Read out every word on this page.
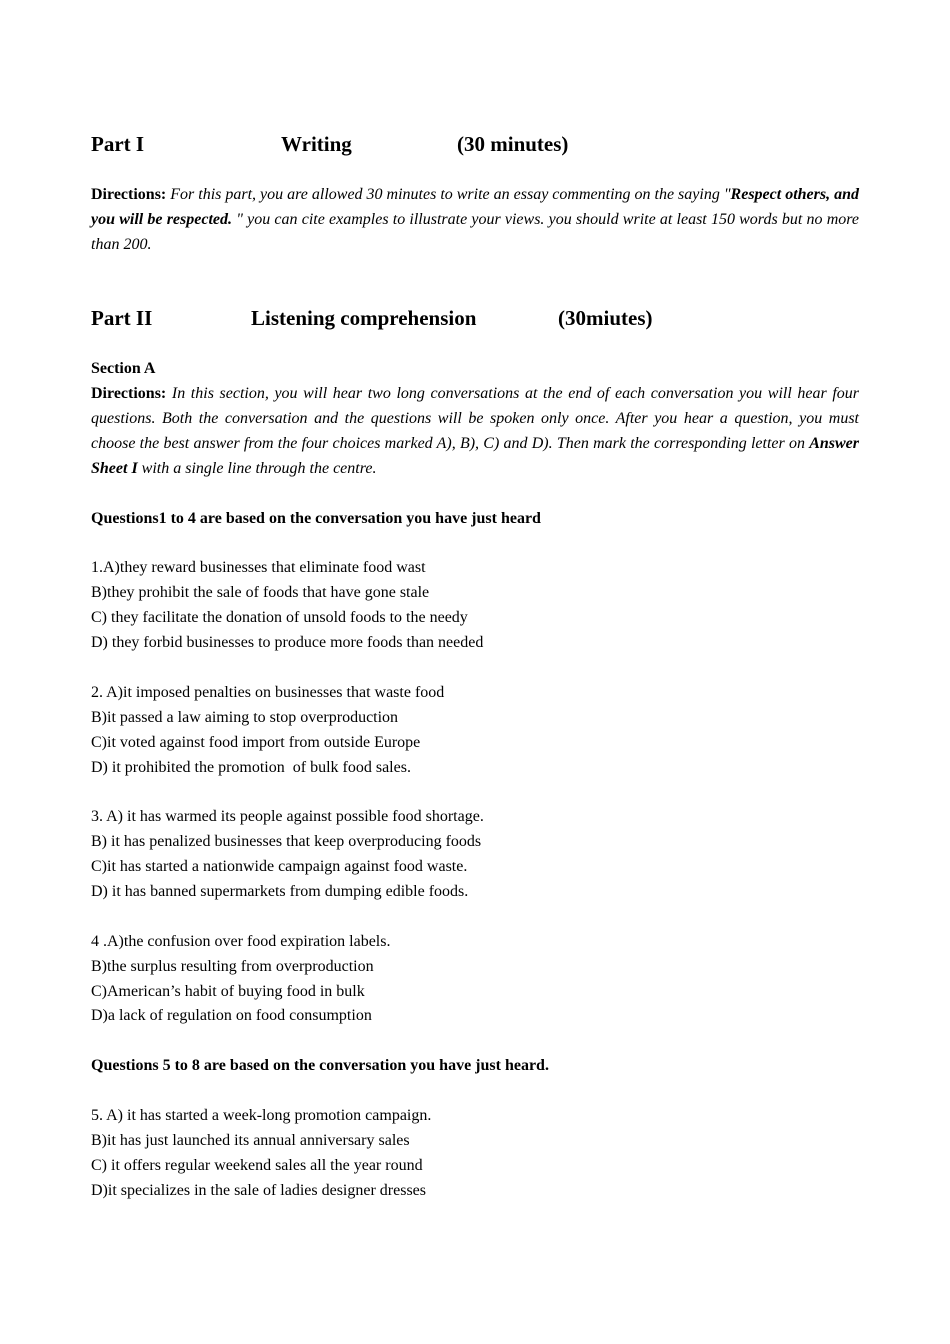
Part I	Writing	(30 minutes)
Directions: For this part, you are allowed 30 minutes to write an essay commenting on the saying "Respect others, and you will be respected. " you can cite examples to illustrate your views. you should write at least 150 words but no more than 200.
Part II	Listening comprehension	(30miutes)
Section A
Directions: In this section, you will hear two long conversations at the end of each conversation you will hear four questions. Both the conversation and the questions will be spoken only once. After you hear a question, you must choose the best answer from the four choices marked A), B), C) and D). Then mark the corresponding letter on Answer Sheet I with a single line through the centre.
Questions1 to 4 are based on the conversation you have just heard
1.A)they reward businesses that eliminate food wast
B)they prohibit the sale of foods that have gone stale
C) they facilitate the donation of unsold foods to the needy
D) they forbid businesses to produce more foods than needed
2. A)it imposed penalties on businesses that waste food
B)it passed a law aiming to stop overproduction
C)it voted against food import from outside Europe
D) it prohibited the promotion  of bulk food sales.
3. A) it has warmed its people against possible food shortage.
B) it has penalized businesses that keep overproducing foods
C)it has started a nationwide campaign against food waste.
D) it has banned supermarkets from dumping edible foods.
4 .A)the confusion over food expiration labels.
B)the surplus resulting from overproduction
C)American’s habit of buying food in bulk
D)a lack of regulation on food consumption
Questions 5 to 8 are based on the conversation you have just heard.
5. A) it has started a week-long promotion campaign.
B)it has just launched its annual anniversary sales
C) it offers regular weekend sales all the year round
D)it specializes in the sale of ladies designer dresses
